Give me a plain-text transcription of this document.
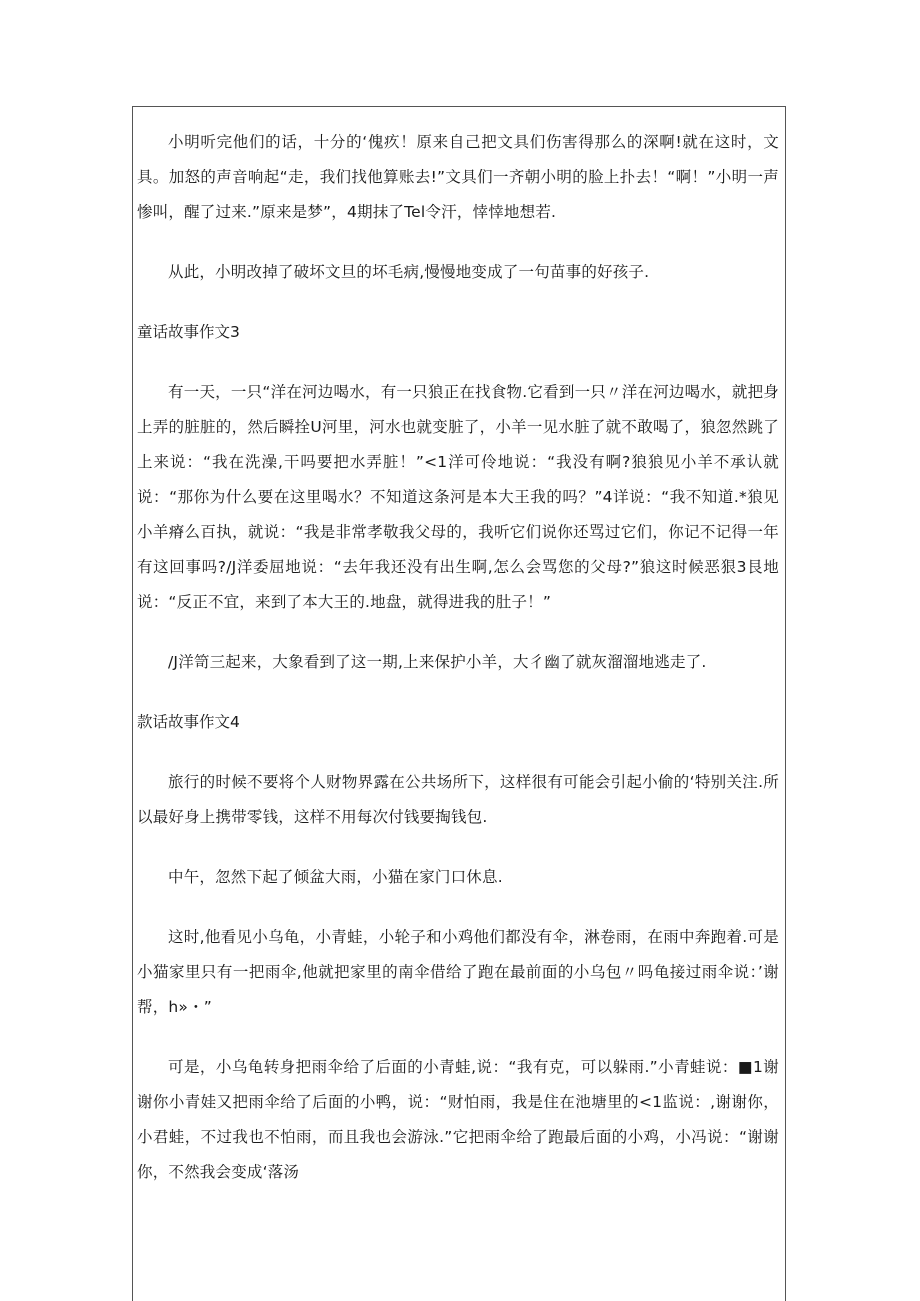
小明听完他们的话，十分的‘傀疚！原来自己把文具们伤害得那么的深啊!就在这时，文具。加怒的声音响起“走，我们找他算账去!”文具们一齐朝小明的脸上扑去！“啊！”小明一声惨叫，醒了过来.”原来是梦”，4期抹了Tel令汗，悻悻地想若.

从此，小明改掉了破坏文旦的坏毛病,慢慢地变成了一句苗事的好孩子.

童话故事作文3

有一天，一只“洋在河边喝水，有一只狼正在找食物.它看到一只〃洋在河边喝水，就把身上弄的脏脏的，然后瞬拴U河里，河水也就变脏了，小羊一见水脏了就不敢喝了，狼忽然跳了上来说：“我在洗澡,干吗要把水弄脏！”<1洋可伶地说：“我没有啊?狼狼见小羊不承认就说：“那你为什么要在这里喝水？不知道这条河是本大王我的吗？”4详说：“我不知道.*狼见小羊瘠么百执，就说：“我是非常孝敬我父母的，我听它们说你还骂过它们，你记不记得一年有这回事吗?/J洋委屈地说：“去年我还没有出生啊,怎么会骂您的父母?”狼这时候恶狠3艮地说：“反正不宜，来到了本大王的.地盘，就得进我的肚子！”

/J洋笥三起来，大象看到了这一期,上来保护小羊，大彳幽了就灰溜溜地逃走了.

款话故事作文4

旅行的时候不要将个人财物界露在公共场所下，这样很有可能会引起小偷的‘特别关注.所以最好身上携带零钱，这样不用每次付钱要掏钱包.

中午，忽然下起了倾盆大雨，小猫在家门口休息.

这时,他看见小乌龟，小青蛙，小轮子和小鸡他们都没有伞，淋卷雨，在雨中奔跑着.可是小猫家里只有一把雨伞,他就把家里的南伞借给了跑在最前面的小乌包〃吗龟接过雨伞说：’谢帮，h»・”

可是，小乌龟转身把雨伞给了后面的小青蛙,说：“我有克，可以躲雨.”小青蛙说：■1谢谢你小青娃又把雨伞给了后面的小鸭，说：“财怕雨，我是住在池塘里的<1监说：,谢谢你，小君蛙，不过我也不怕雨，而且我也会游泳.”它把雨伞给了跑最后面的小鸡，小冯说：“谢谢你，不然我会变成‘落汤
